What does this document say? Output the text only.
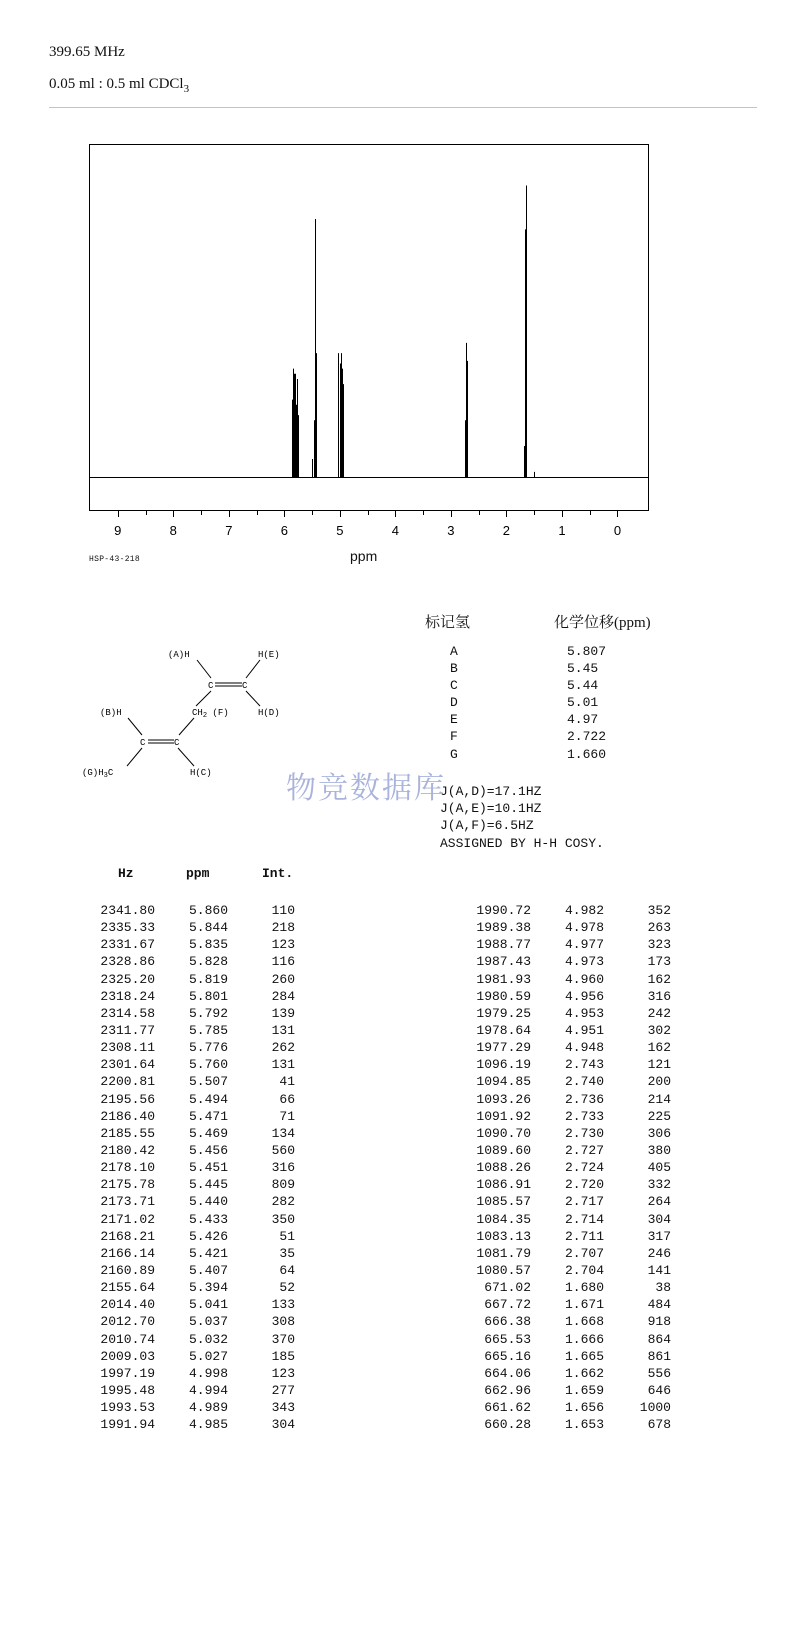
399.65 MHz
0.05 ml : 0.5 ml CDCl$_3$
9	8	7	6	5	4	3	2	1	0
HSP-43-218	ppm
标记氢	化学位移(ppm)
A	5.807
B	5.45
C	5.44
D	5.01
E	4.97
F	2.722
G	1.660
J(A,D)=17.1HZ
J(A,E)=10.1HZ
J(A,F)=6.5HZ
ASSIGNED BY H-H COSY.
(A)H	H(E)
C	C
(B)H	$CH_2$ (F)	H(D)
C	C
$(G)H_3C$	H(C) 物竞数据库
Hz	ppm	Int.
2341.80	5.860	110
2335.33	5.844	218
2331.67	5.835	123
2328.86	5.828	116
2325.20	5.819	260
2318.24	5.801	284
2314.58	5.792	139
2311.77	5.785	131
2308.11	5.776	262
2301.64	5.760	131
2200.81	5.507	41
2195.56	5.494	66
2186.40	5.471	71
2185.55	5.469	134
2180.42	5.456	560
2178.10	5.451	316
2175.78	5.445	809
2173.71	5.440	282
2171.02	5.433	350
2168.21	5.426	51
2166.14	5.421	35
2160.89	5.407	64
2155.64	5.394	52
2014.40	5.041	133
2012.70	5.037	308
2010.74	5.032	370
2009.03	5.027	185
1997.19	4.998	123
1995.48	4.994	277
1993.53	4.989	343
1991.94	4.985	304
1990.72	4.982	352
1989.38	4.978	263
1988.77	4.977	323
1987.43	4.973	173
1981.93	4.960	162
1980.59	4.956	316
1979.25	4.953	242
1978.64	4.951	302
1977.29	4.948	162
1096.19	2.743	121
1094.85	2.740	200
1093.26	2.736	214
1091.92	2.733	225
1090.70	2.730	306
1089.60	2.727	380
1088.26	2.724	405
1086.91	2.720	332
1085.57	2.717	264
1084.35	2.714	304
1083.13	2.711	317
1081.79	2.707	246
1080.57	2.704	141
671.02	1.680	38
667.72	1.671	484
666.38	1.668	918
665.53	1.666	864
665.16	1.665	861
664.06	1.662	556
662.96	1.659	646
661.62	1.656	1000
660.28	1.653	678
